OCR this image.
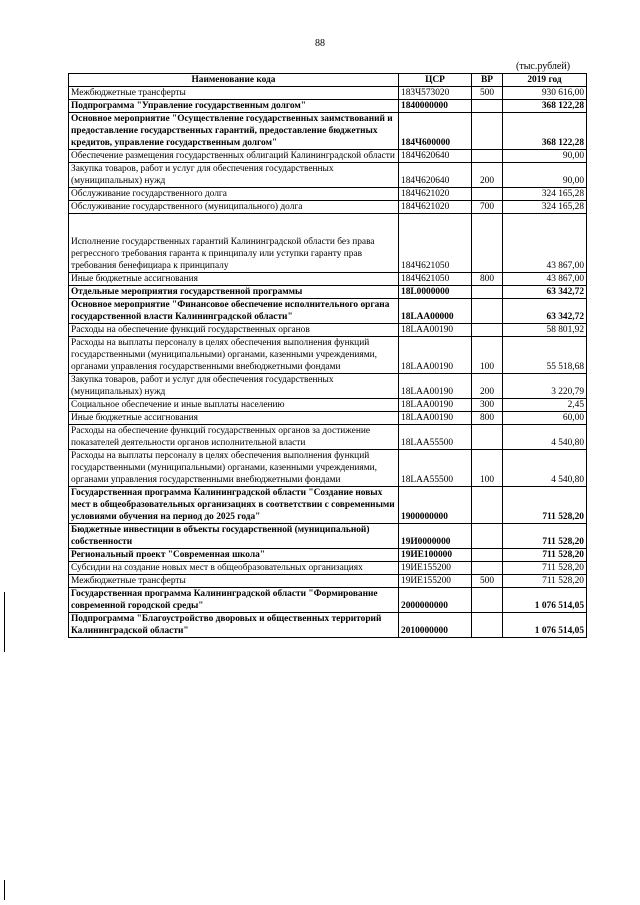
88
(тыс.рублей)
Наименование кода	ЦСР	ВР	2019 год
Межбюджетные трансферты	183Ч573020	500	930 616,00
Подпрограмма "Управление государственным долгом"	1840000000		368 122,28
Основное мероприятие "Осуществление государственных заимствований и предоставление государственных гарантий, предоставление бюджетных кредитов, управление государственным долгом"	184Ч600000		368 122,28
Обеспечение размещения государственных облигаций Калининградской области	184Ч620640		90,00
Закупка товаров, работ и услуг для обеспечения государственных (муниципальных) нужд	184Ч620640	200	90,00
Обслуживание государственного долга	184Ч621020		324 165,28
Обслуживание государственного (муниципального) долга	184Ч621020	700	324 165,28
Исполнение государственных гарантий Калининградской области без права регрессного требования гаранта к принципалу или уступки гаранту прав требования бенефициара к принципалу	184Ч621050		43 867,00
Иные бюджетные ассигнования	184Ч621050	800	43 867,00
Отдельные мероприятия государственной программы	18L0000000		63 342,72
Основное мероприятие "Финансовое обеспечение исполнительного органа государственной власти Калининградской области"	18LAA00000		63 342,72
Расходы на обеспечение функций государственных органов	18LAA00190		58 801,92
Расходы на выплаты персоналу в целях обеспечения выполнения функций государственными (муниципальными) органами, казенными учреждениями, органами управления государственными внебюджетными фондами	18LAA00190	100	55 518,68
Закупка товаров, работ и услуг для обеспечения государственных (муниципальных) нужд	18LAA00190	200	3 220,79
Социальное обеспечение и иные выплаты населению	18LAA00190	300	2,45
Иные бюджетные ассигнования	18LAA00190	800	60,00
Расходы на обеспечение функций государственных органов за достижение показателей деятельности органов исполнительной власти	18LAA55500		4 540,80
Расходы на выплаты персоналу в целях обеспечения выполнения функций государственными (муниципальными) органами, казенными учреждениями, органами управления государственными внебюджетными фондами	18LAA55500	100	4 540,80
Государственная программа Калининградской области "Создание новых мест в общеобразовательных организациях в соответствии с современными условиями обучения на период до 2025 года"	1900000000		711 528,20
Бюджетные инвестиции в объекты государственной (муниципальной) собственности	19И0000000		711 528,20
Региональный проект "Современная школа"	19ИЕ100000		711 528,20
Субсидии на создание новых мест в общеобразовательных организациях	19ИЕ155200		711 528,20
Межбюджетные трансферты	19ИЕ155200	500	711 528,20
Государственная программа Калининградской области "Формирование современной городской среды"	2000000000		1 076 514,05
Подпрограмма "Благоустройство дворовых и общественных территорий Калининградской области"	2010000000		1 076 514,05
